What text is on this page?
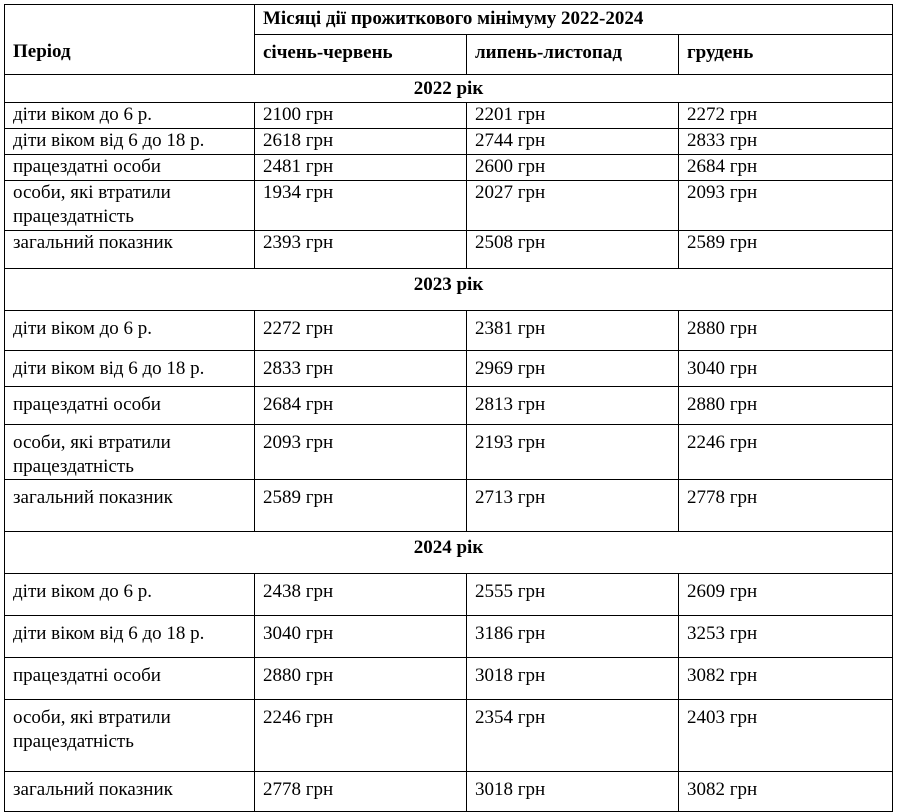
Період	Місяці дії прожиткового мінімуму 2022-2024		
	січень-червень	липень-листопад	грудень
2022 рік			
діти віком до 6 р.	2100 грн	2201 грн	2272 грн
діти віком від 6 до 18 р.	2618 грн	2744 грн	2833 грн
працездатні особи	2481 грн	2600 грн	2684 грн
особи, які втратили працездатність	1934 грн	2027 грн	2093 грн
загальний показник	2393 грн	2508 грн	2589 грн
2023 рік			
діти віком до 6 р.	2272 грн	2381 грн	2880 грн
діти віком від 6 до 18 р.	2833 грн	2969 грн	3040 грн
працездатні особи	2684 грн	2813 грн	2880 грн
особи, які втратили працездатність	2093 грн	2193 грн	2246 грн
загальний показник	2589 грн	2713 грн	2778 грн
2024 рік			
діти віком до 6 р.	2438 грн	2555 грн	2609 грн
діти віком від 6 до 18 р.	3040 грн	3186 грн	3253 грн
працездатні особи	2880 грн	3018 грн	3082 грн
особи, які втратили працездатність	2246 грн	2354 грн	2403 грн
загальний показник	2778 грн	3018 грн	3082 грн
